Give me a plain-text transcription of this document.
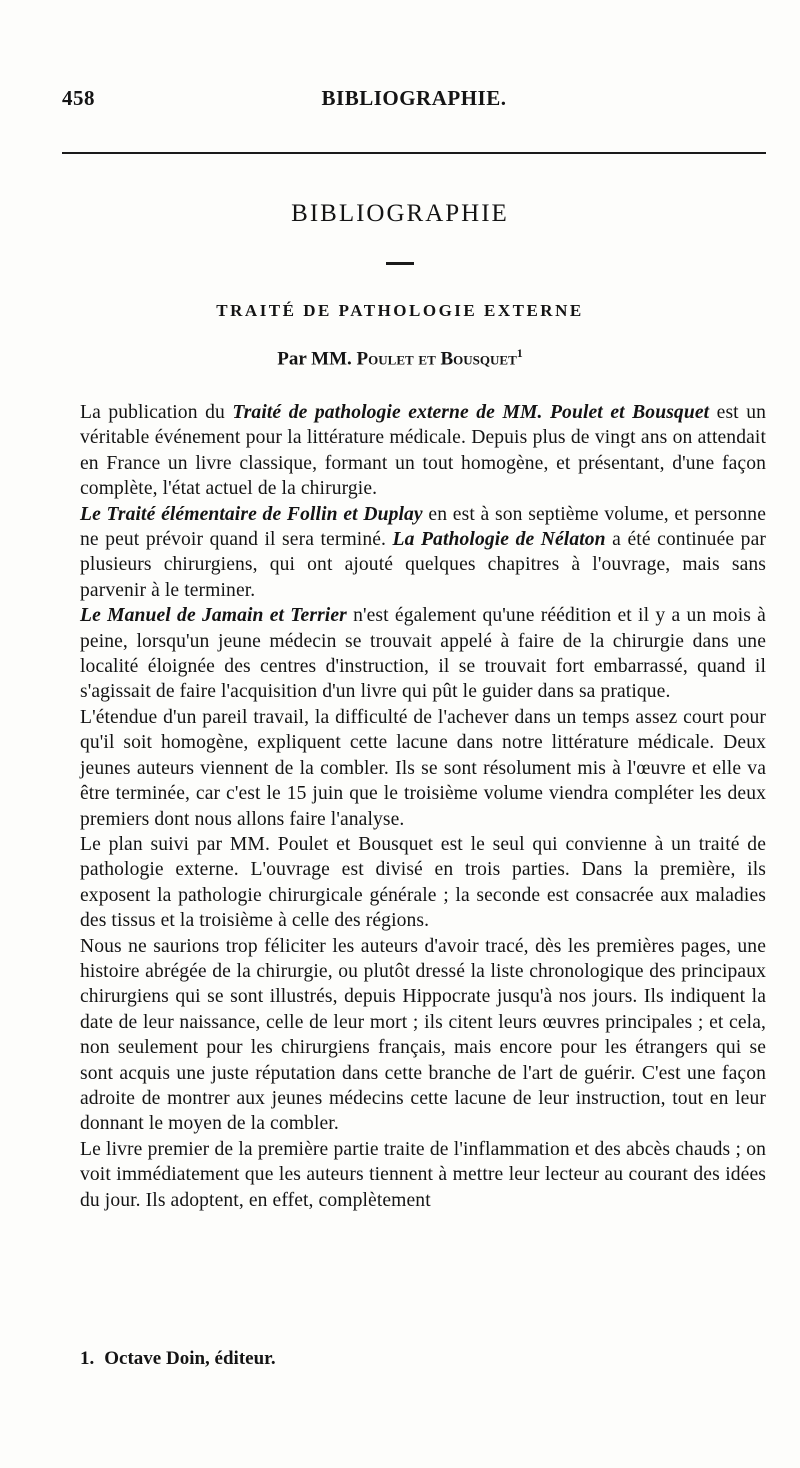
458	BIBLIOGRAPHIE.
BIBLIOGRAPHIE
TRAITÉ DE PATHOLOGIE EXTERNE
Par MM. Poulet et Bousquet$^1$

La publication du Traité de pathologie externe de MM. Poulet et Bousquet est un véritable événement pour la littérature médicale. Depuis plus de vingt ans on attendait en France un livre classique, formant un tout homogène, et présentant, d'une façon complète, l'état actuel de la chirurgie.

Le Traité élémentaire de Follin et Duplay en est à son septième volume, et personne ne peut prévoir quand il sera terminé. La Pathologie de Nélaton a été continuée par plusieurs chirurgiens, qui ont ajouté quelques chapitres à l'ouvrage, mais sans parvenir à le terminer.

Le Manuel de Jamain et Terrier n'est également qu'une réédition et il y a un mois à peine, lorsqu'un jeune médecin se trouvait appelé à faire de la chirurgie dans une localité éloignée des centres d'instruction, il se trouvait fort embarrassé, quand il s'agissait de faire l'acquisition d'un livre qui pût le guider dans sa pratique.

L'étendue d'un pareil travail, la difficulté de l'achever dans un temps assez court pour qu'il soit homogène, expliquent cette lacune dans notre littérature médicale. Deux jeunes auteurs viennent de la combler. Ils se sont résolument mis à l'œuvre et elle va être terminée, car c'est le 15 juin que le troisième volume viendra compléter les deux premiers dont nous allons faire l'analyse.

Le plan suivi par MM. Poulet et Bousquet est le seul qui convienne à un traité de pathologie externe. L'ouvrage est divisé en trois parties. Dans la première, ils exposent la pathologie chirurgicale générale ; la seconde est consacrée aux maladies des tissus et la troisième à celle des régions.

Nous ne saurions trop féliciter les auteurs d'avoir tracé, dès les premières pages, une histoire abrégée de la chirurgie, ou plutôt dressé la liste chronologique des principaux chirurgiens qui se sont illustrés, depuis Hippocrate jusqu'à nos jours. Ils indiquent la date de leur naissance, celle de leur mort ; ils citent leurs œuvres principales ; et cela, non seulement pour les chirurgiens français, mais encore pour les étrangers qui se sont acquis une juste réputation dans cette branche de l'art de guérir. C'est une façon adroite de montrer aux jeunes médecins cette lacune de leur instruction, tout en leur donnant le moyen de la combler.

Le livre premier de la première partie traite de l'inflammation et des abcès chauds ; on voit immédiatement que les auteurs tiennent à mettre leur lecteur au courant des idées du jour. Ils adoptent, en effet, complètement

1. Octave Doin, éditeur.
